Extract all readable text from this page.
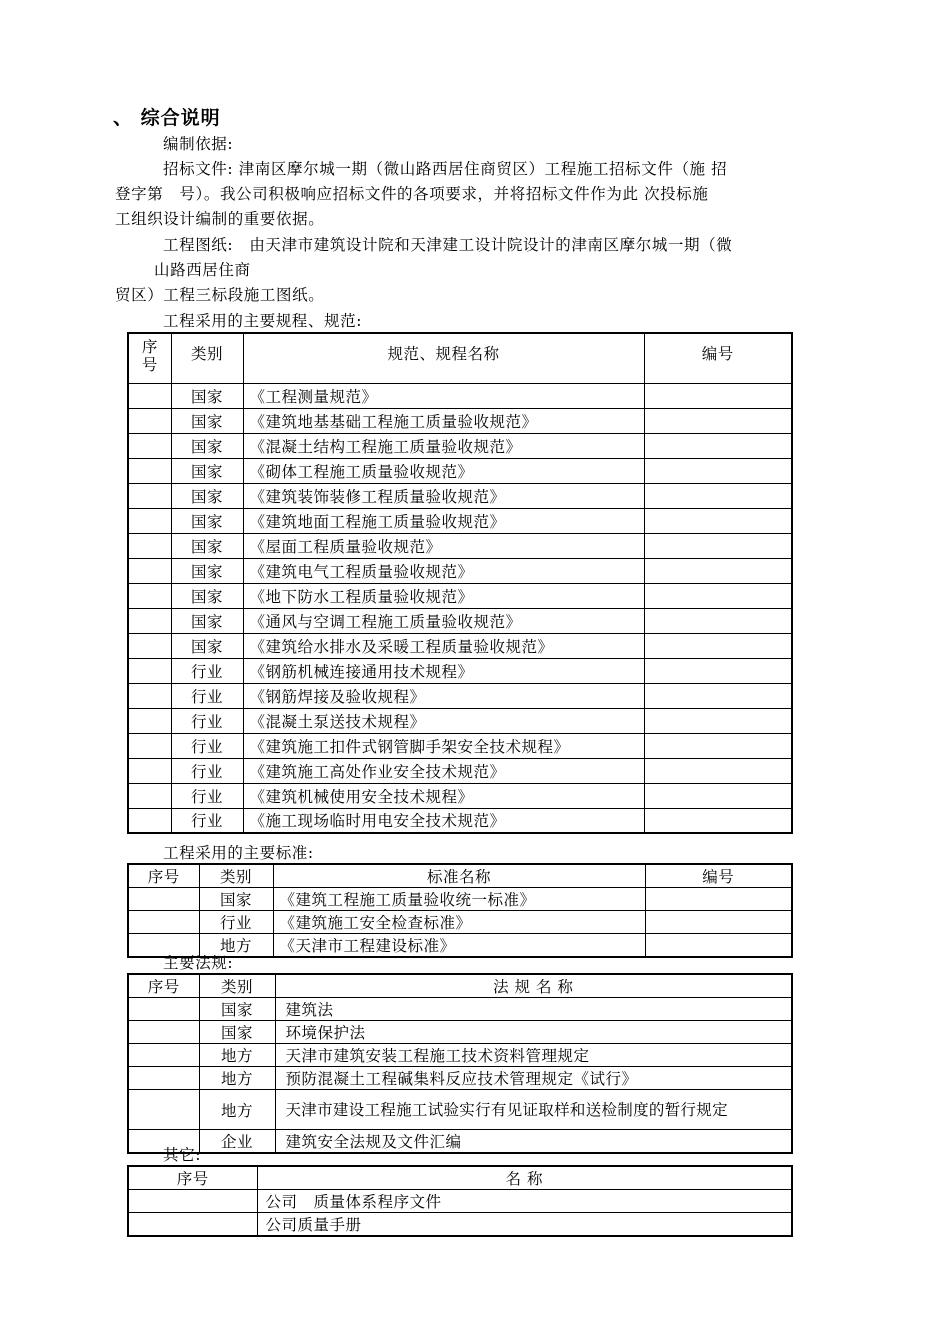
、 综合说明
编制依据:
招标文件: 津南区摩尔城一期（微山路西居住商贸区）工程施工招标文件（施 招
登字第　号）。我公司积极响应招标文件的各项要求，并将招标文件作为此 次投标施
工组织设计编制的重要依据。
工程图纸:　由天津市建筑设计院和天津建工设计院设计的津南区摩尔城一期（微
山路西居住商
贸区）工程三标段施工图纸。
工程采用的主要规程、规范:
序号	类别	规范、规程名称	编号
	国家	《工程测量规范》	
	国家	《建筑地基基础工程施工质量验收规范》	
	国家	《混凝土结构工程施工质量验收规范》	
	国家	《砌体工程施工质量验收规范》	
	国家	《建筑装饰装修工程质量验收规范》	
	国家	《建筑地面工程施工质量验收规范》	
	国家	《屋面工程质量验收规范》	
	国家	《建筑电气工程质量验收规范》	
	国家	《地下防水工程质量验收规范》	
	国家	《通风与空调工程施工质量验收规范》	
	国家	《建筑给水排水及采暖工程质量验收规范》	
	行业	《钢筋机械连接通用技术规程》	
	行业	《钢筋焊接及验收规程》	
	行业	《混凝土泵送技术规程》	
	行业	《建筑施工扣件式钢管脚手架安全技术规程》	
	行业	《建筑施工高处作业安全技术规范》	
	行业	《建筑机械使用安全技术规程》	
	行业	《施工现场临时用电安全技术规范》	
工程采用的主要标准:
序号	类别	标准名称	编号
	国家	《建筑工程施工质量验收统一标准》	
	行业	《建筑施工安全检查标准》	
	地方	《天津市工程建设标准》	
主要法规:
序号	类别	法 规 名 称
	国家	建筑法
	国家	环境保护法
	地方	天津市建筑安装工程施工技术资料管理规定
	地方	预防混凝土工程碱集料反应技术管理规定《试行》
	地方	天津市建设工程施工试验实行有见证取样和送检制度的暂行规定
	企业	建筑安全法规及文件汇编
其它:
序号	名 称
	公司　质量体系程序文件
	公司质量手册
